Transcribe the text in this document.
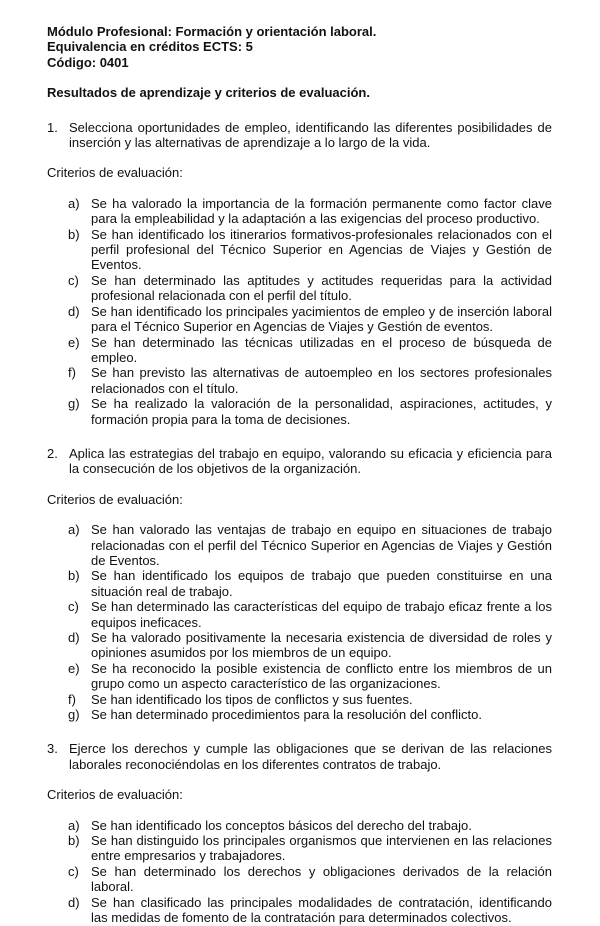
Módulo Profesional: Formación y orientación laboral.

Equivalencia en créditos ECTS: 5

Código: 0401

Resultados de aprendizaje y criterios de evaluación.

1. Selecciona oportunidades de empleo, identificando las diferentes posibilidades de inserción y las alternativas de aprendizaje a lo largo de la vida.

Criterios de evaluación:

a) Se ha valorado la importancia de la formación permanente como factor clave para la empleabilidad y la adaptación a las exigencias del proceso productivo.
b) Se han identificado los itinerarios formativos-profesionales relacionados con el perfil profesional del Técnico Superior en Agencias de Viajes y Gestión de Eventos.
c) Se han determinado las aptitudes y actitudes requeridas para la actividad profesional relacionada con el perfil del título.
d) Se han identificado los principales yacimientos de empleo y de inserción laboral para el Técnico Superior en Agencias de Viajes y Gestión de eventos.
e) Se han determinado las técnicas utilizadas en el proceso de búsqueda de empleo.
f)	Se han previsto las alternativas de autoempleo en los sectores profesionales relacionados con el título.
g) Se ha realizado la valoración de la personalidad, aspiraciones, actitudes, y formación propia para la toma de decisiones.
2. Aplica las estrategias del trabajo en equipo, valorando su eficacia y eficiencia para la consecución de los objetivos de la organización.

Criterios de evaluación:

a) Se han valorado las ventajas de trabajo en equipo en situaciones de trabajo relacionadas con el perfil del Técnico Superior en Agencias de Viajes y Gestión de Eventos.
b) Se han identificado los equipos de trabajo que pueden constituirse en una situación real de trabajo.
c) Se han determinado las características del equipo de trabajo eficaz frente a los equipos ineficaces.
d) Se ha valorado positivamente la necesaria existencia de diversidad de roles y opiniones asumidos por los miembros de un equipo.
e) Se ha reconocido la posible existencia de conflicto entre los miembros de un grupo como un aspecto característico de las organizaciones.
f)	Se han identificado los tipos de conflictos y sus fuentes.
g) Se han determinado procedimientos para la resolución del conflicto.
3. Ejerce los derechos y cumple las obligaciones que se derivan de las relaciones laborales reconociéndolas en los diferentes contratos de trabajo.

Criterios de evaluación:

a) Se han identificado los conceptos básicos del derecho del trabajo.
b) Se han distinguido los principales organismos que intervienen en las relaciones entre empresarios y trabajadores.
c) Se han determinado los derechos y obligaciones derivados de la relación laboral.
d) Se han clasificado las principales modalidades de contratación, identificando las medidas de fomento de la contratación para determinados colectivos.
